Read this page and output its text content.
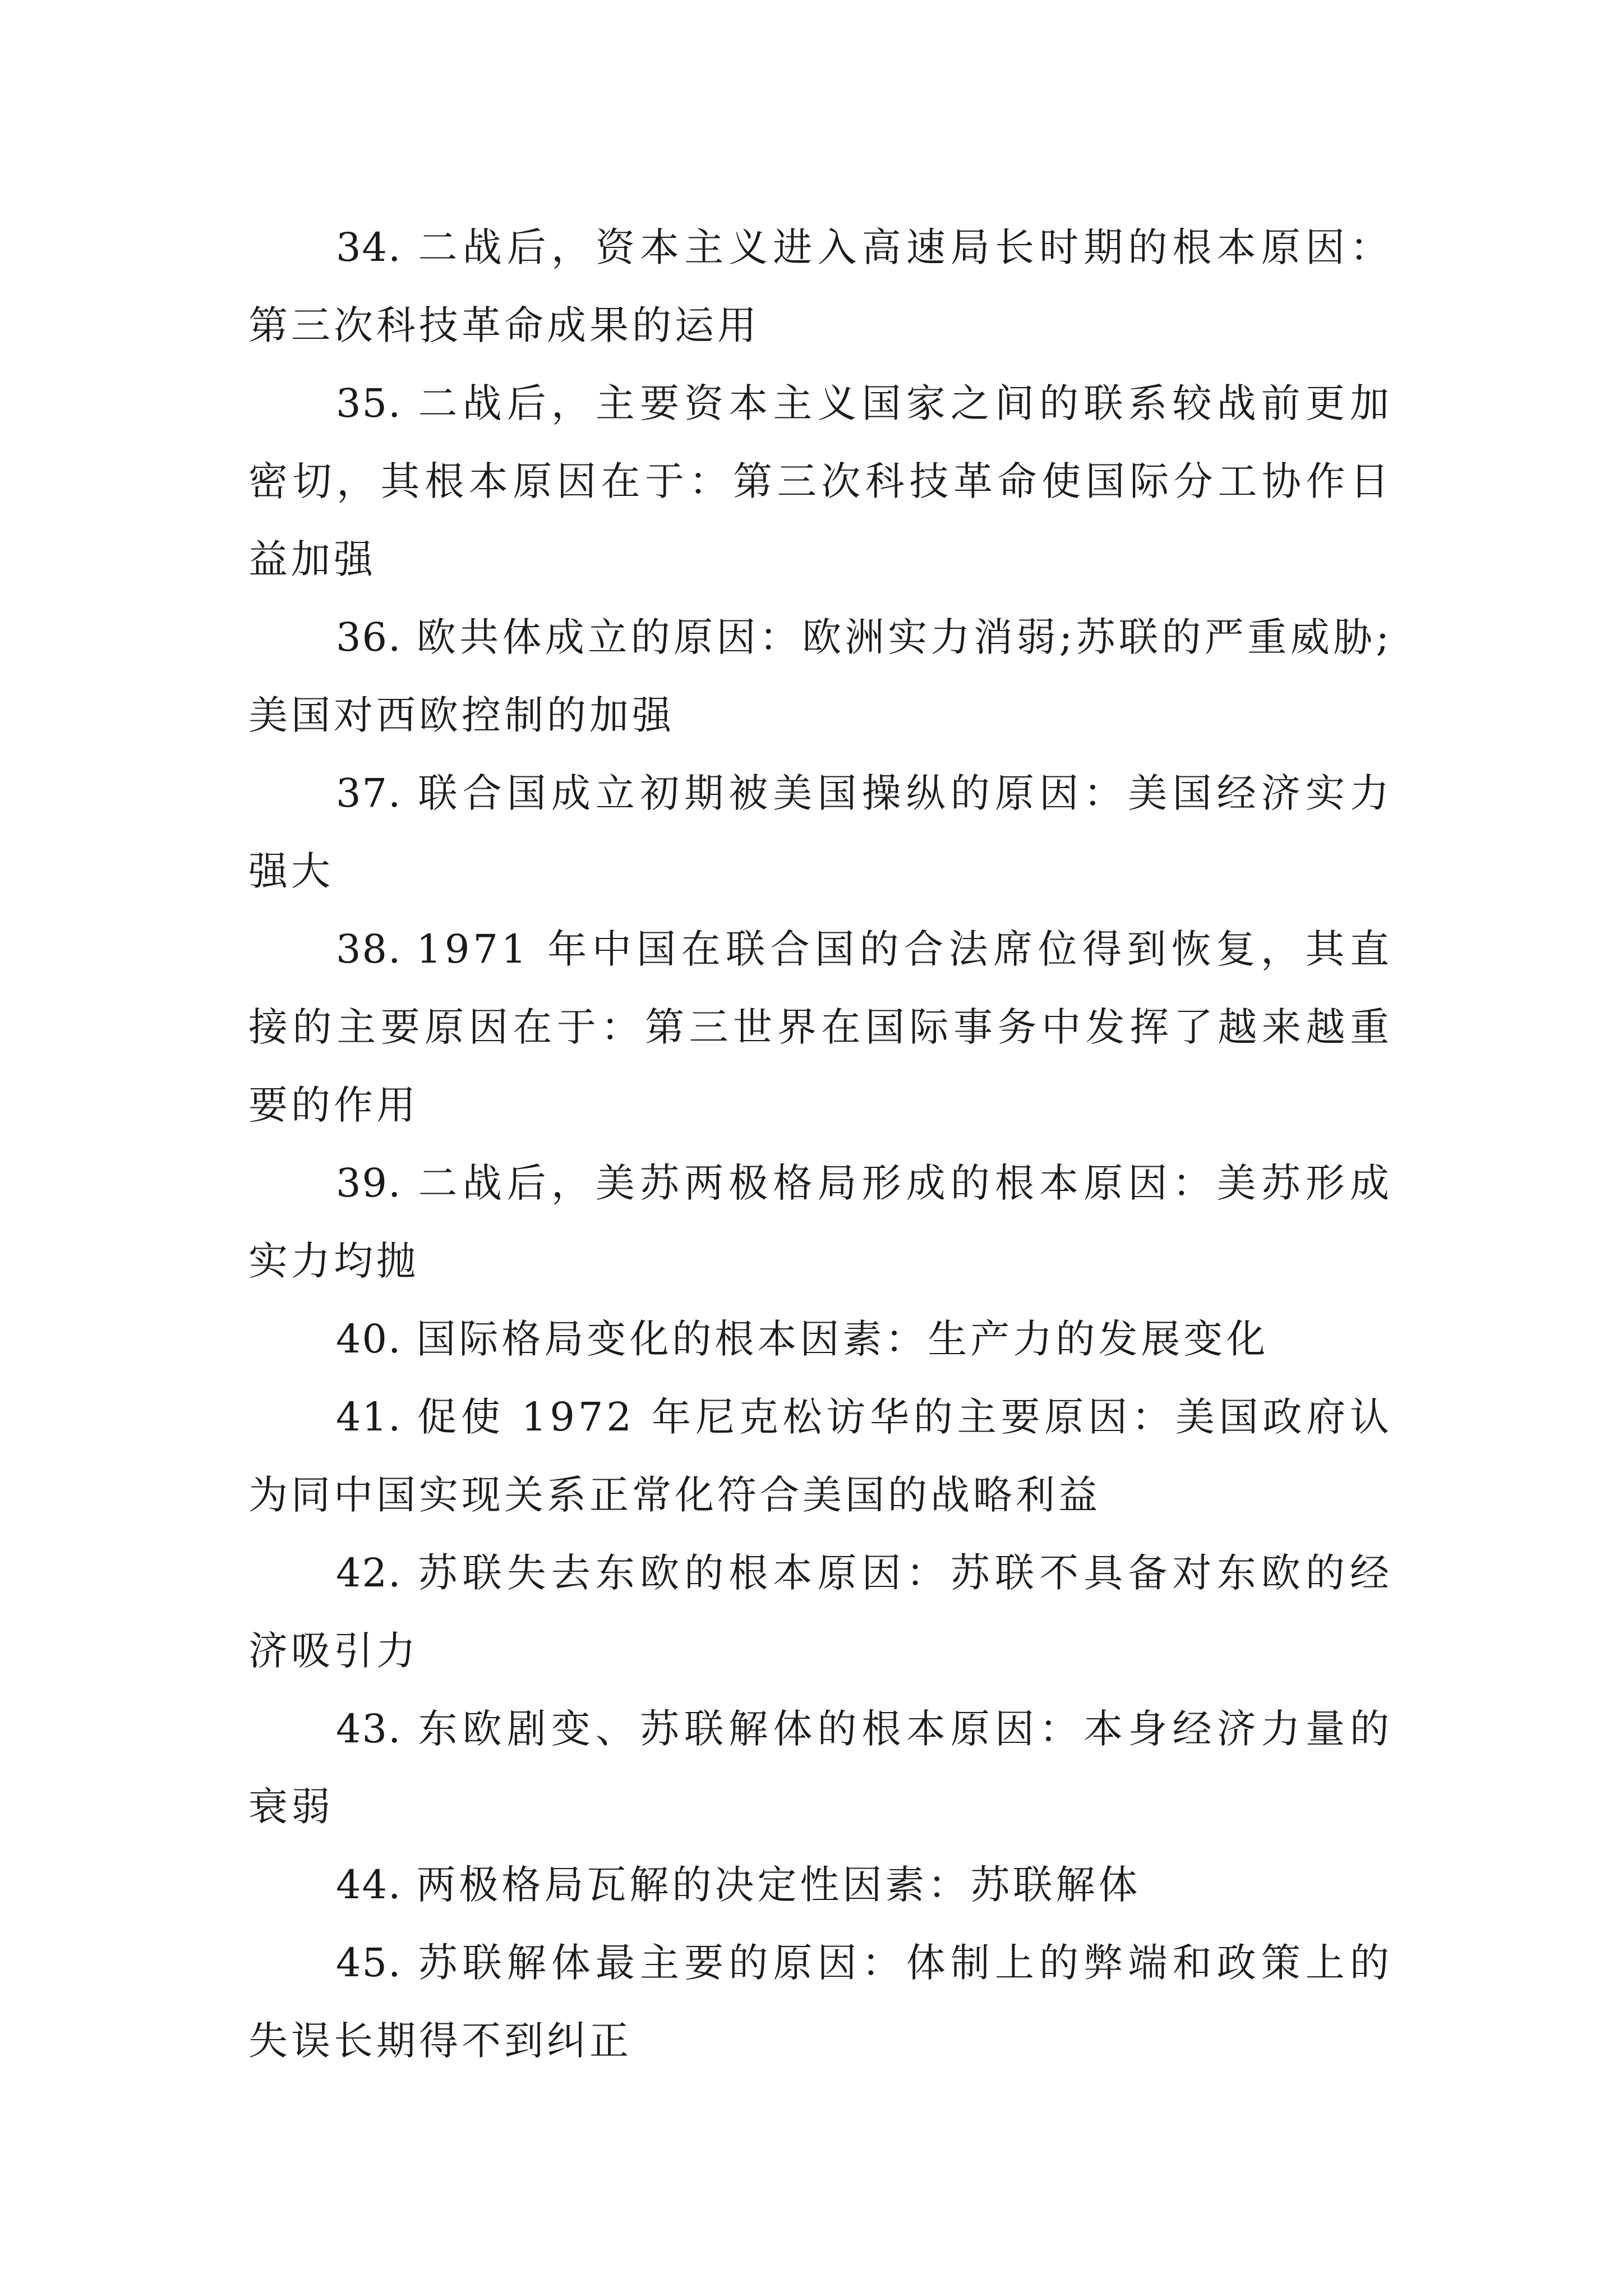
34. 二战后，资本主义进入高速局长时期的根本原因：第三次科技革命成果的运用

35. 二战后，主要资本主义国家之间的联系较战前更加密切，其根本原因在于：第三次科技革命使国际分工协作日益加强

36. 欧共体成立的原因：欧洲实力消弱;苏联的严重威胁;美国对西欧控制的加强

37. 联合国成立初期被美国操纵的原因：美国经济实力强大

38. 1971 年中国在联合国的合法席位得到恢复，其直接的主要原因在于：第三世界在国际事务中发挥了越来越重要的作用

39. 二战后，美苏两极格局形成的根本原因：美苏形成实力均抛

40. 国际格局变化的根本因素：生产力的发展变化

41. 促使 1972 年尼克松访华的主要原因：美国政府认为同中国实现关系正常化符合美国的战略利益

42. 苏联失去东欧的根本原因：苏联不具备对东欧的经济吸引力

43. 东欧剧变、苏联解体的根本原因：本身经济力量的衰弱

44. 两极格局瓦解的决定性因素：苏联解体

45. 苏联解体最主要的原因：体制上的弊端和政策上的失误长期得不到纠正
